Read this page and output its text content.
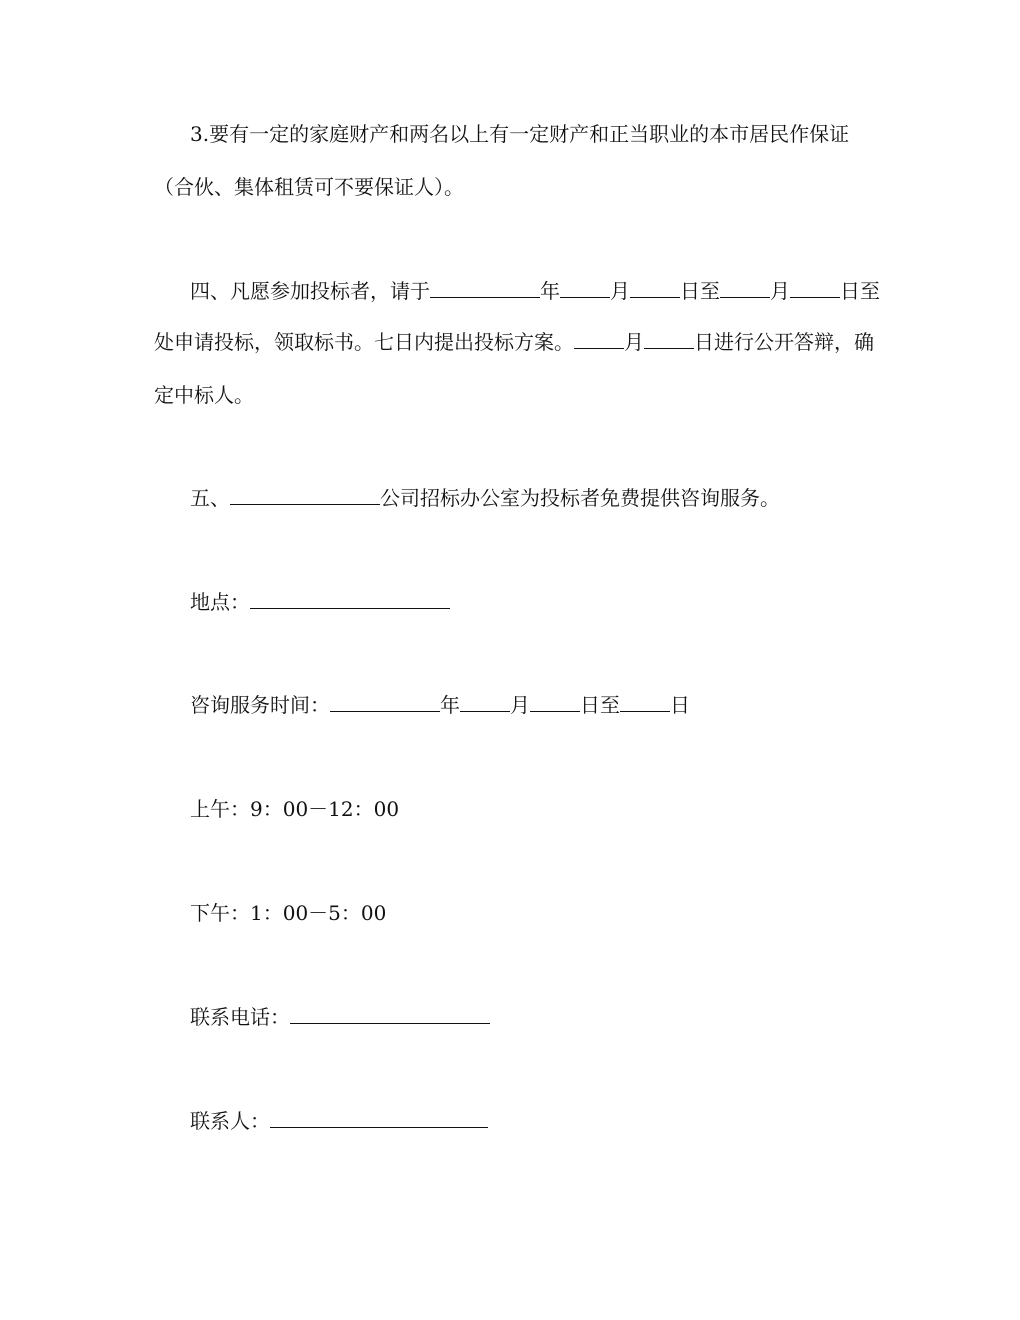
3.要有一定的家庭财产和两名以上有一定财产和正当职业的本市居民作保证
（合伙、集体租赁可不要保证人）。
四、凡愿参加投标者，请于	年	月	日至	月	日至
处申请投标，领取标书。七日内提出投标方案。	月	日进行公开答辩，确
定中标人。
五、	公司招标办公室为投标者免费提供咨询服务。
地点：
咨询服务时间：	年	月	日至	日
上午：9：00－12：00
下午：1：00－5：00
联系电话：
联系人：
